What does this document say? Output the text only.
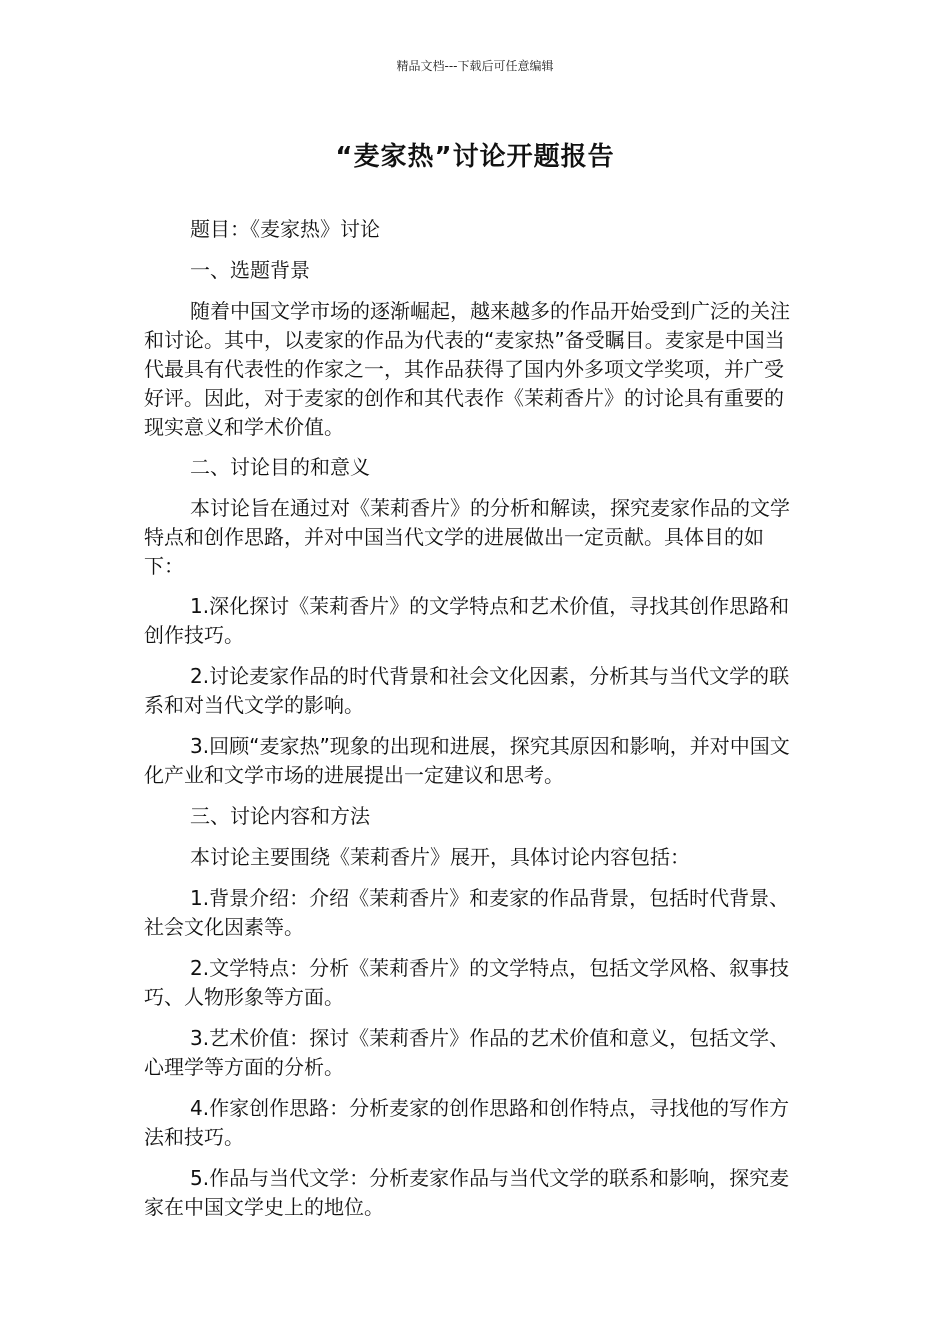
精品文档---下载后可任意编辑
“麦家热”讨论开题报告

题目：《麦家热》讨论

一、选题背景

随着中国文学市场的逐渐崛起，越来越多的作品开始受到广泛的关注和讨论。其中，以麦家的作品为代表的“麦家热”备受瞩目。麦家是中国当代最具有代表性的作家之一，其作品获得了国内外多项文学奖项，并广受好评。因此，对于麦家的创作和其代表作《茉莉香片》的讨论具有重要的现实意义和学术价值。

二、讨论目的和意义

本讨论旨在通过对《茉莉香片》的分析和解读，探究麦家作品的文学特点和创作思路，并对中国当代文学的进展做出一定贡献。具体目的如下：

1.深化探讨《茉莉香片》的文学特点和艺术价值，寻找其创作思路和创作技巧。

2.讨论麦家作品的时代背景和社会文化因素，分析其与当代文学的联系和对当代文学的影响。

3.回顾“麦家热”现象的出现和进展，探究其原因和影响，并对中国文化产业和文学市场的进展提出一定建议和思考。

三、讨论内容和方法

本讨论主要围绕《茉莉香片》展开，具体讨论内容包括：

1.背景介绍：介绍《茉莉香片》和麦家的作品背景，包括时代背景、社会文化因素等。

2.文学特点：分析《茉莉香片》的文学特点，包括文学风格、叙事技巧、人物形象等方面。

3.艺术价值：探讨《茉莉香片》作品的艺术价值和意义，包括文学、心理学等方面的分析。

4.作家创作思路：分析麦家的创作思路和创作特点，寻找他的写作方法和技巧。

5.作品与当代文学：分析麦家作品与当代文学的联系和影响，探究麦家在中国文学史上的地位。
